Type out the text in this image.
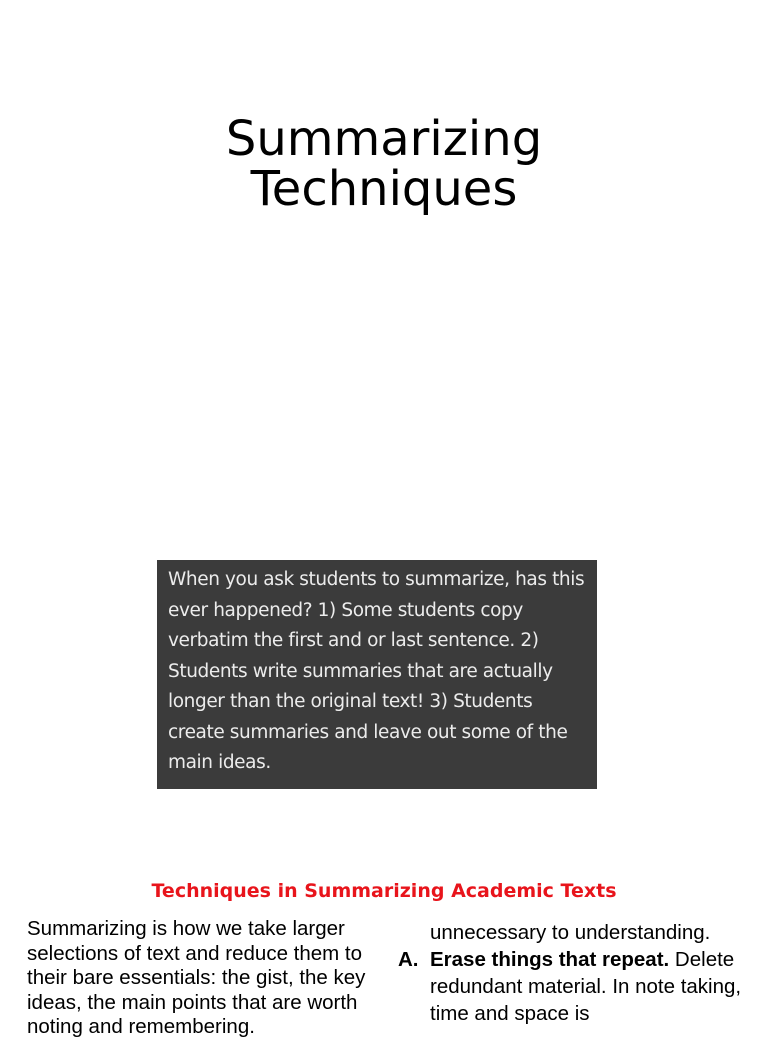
Summarizing
Techniques
When you ask students to summarize, has this ever happened? 1) Some students copy verbatim the first and or last sentence. 2) Students write summaries that are actually longer than the original text! 3) Students create summaries and leave out some of the main ideas.
Techniques in Summarizing Academic Texts

Summarizing is how we take larger selections of text and reduce them to their bare essentials: the gist, the key ideas, the main points that are worth noting and remembering.

unnecessary to understanding.

A. Erase things that repeat. Delete redundant material. In note taking, time and space is
